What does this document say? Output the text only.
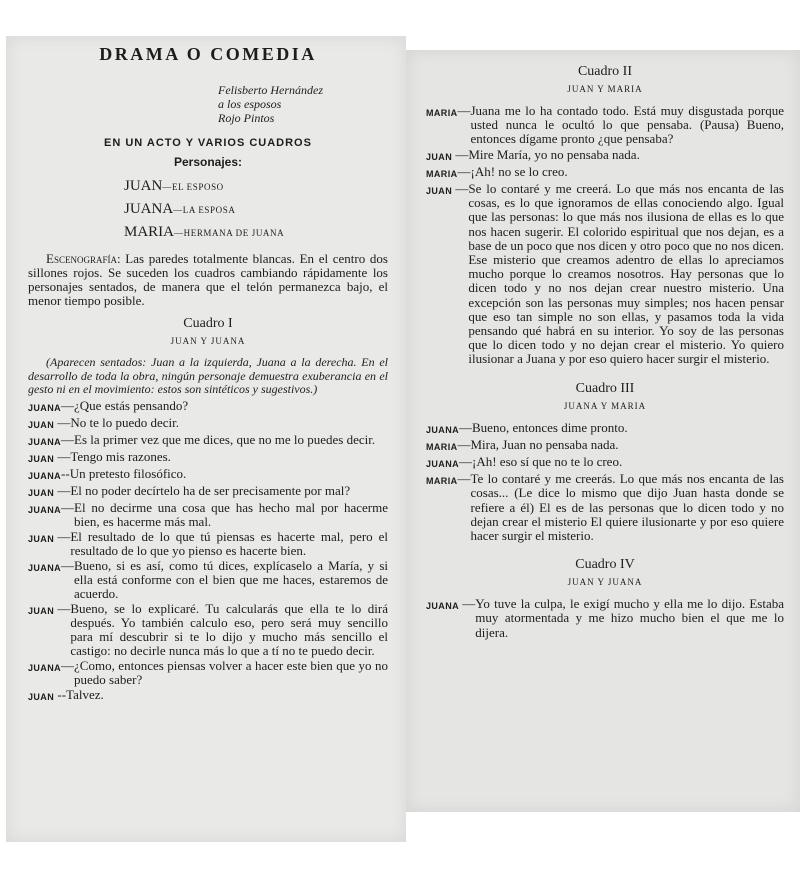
DRAMA O COMEDIA
Felisberto Hernández
a los esposos
Rojo Pintos
EN UN ACTO Y VARIOS CUADROS
Personajes:
JUAN—EL ESPOSO
JUANA—LA ESPOSA
MARIA—HERMANA DE JUANA
Escenografía: Las paredes totalmente blancas. En el centro dos sillones rojos. Se suceden los cuadros cambiando rápidamente los personajes sentados, de manera que el telón permanezca bajo, el menor tiempo posible.
Cuadro I
JUAN Y JUANA
(Aparecen sentados: Juan a la izquierda, Juana a la derecha. En el desarrollo de toda la obra, ningún personaje demuestra exuberancia en el gesto ni en el movimiento: estos son sintéticos y sugestivos.)
JUANA — ¿Que estás pensando?
JUAN — No te lo puedo decir.
JUANA — Es la primer vez que me dices, que no me lo puedes decir.
JUAN — Tengo mis razones.
JUANA -- Un pretesto filosófico.
JUAN — El no poder decírtelo ha de ser precisamente por mal?
JUANA — El no decirme una cosa que has hecho mal por hacerme bien, es hacerme más mal.
JUAN — El resultado de lo que tú piensas es hacerte mal, pero el resultado de lo que yo pienso es hacerte bien.
JUANA — Bueno, si es así, como tú dices, explícaselo a María, y si ella está conforme con el bien que me haces, estaremos de acuerdo.
JUAN — Bueno, se lo explicaré. Tu calcularás que ella te lo dirá después. Yo también calculo eso, pero será muy sencillo para mí descubrir si te lo dijo y mucho más sencillo el castigo: no decirle nunca más lo que a tí no te puedo decir.
JUANA — ¿Como, entonces piensas volver a hacer este bien que yo no puedo saber?
JUAN -- Talvez.
Cuadro II
JUAN Y MARIA
MARIA — Juana me lo ha contado todo. Está muy disgustada porque usted nunca le ocultó lo que pensaba. (Pausa) Bueno, entonces dígame pronto ¿que pensaba?
JUAN — Mire María, yo no pensaba nada.
MARIA — ¡Ah! no se lo creo.
JUAN — Se lo contaré y me creerá. Lo que más nos encanta de las cosas, es lo que ignoramos de ellas conociendo algo. Igual que las personas: lo que más nos ilusiona de ellas es lo que nos hacen sugerir. El colorido espiritual que nos dejan, es a base de un poco que nos dicen y otro poco que no nos dicen. Ese misterio que creamos adentro de ellas lo apreciamos mucho porque lo creamos nosotros. Hay personas que lo dicen todo y no nos dejan crear nuestro misterio. Una excepción son las personas muy simples; nos hacen pensar que eso tan simple no son ellas, y pasamos toda la vida pensando qué habrá en su interior. Yo soy de las personas que lo dicen todo y no dejan crear el misterio. Yo quiero ilusionar a Juana y por eso quiero hacer surgir el misterio.
Cuadro III
JUANA Y MARIA
JUANA — Bueno, entonces dime pronto.
MARIA — Mira, Juan no pensaba nada.
JUANA — ¡Ah! eso sí que no te lo creo.
MARIA — Te lo contaré y me creerás. Lo que más nos encanta de las cosas... (Le dice lo mismo que dijo Juan hasta donde se refiere a él) El es de las personas que lo dicen todo y no dejan crear el misterio El quiere ilusionarte y por eso quiere hacer surgir el misterio.
Cuadro IV
JUAN Y JUANA
JUANA — Yo tuve la culpa, le exigí mucho y ella me lo dijo. Estaba muy atormentada y me hizo mucho bien el que me lo dijera.
